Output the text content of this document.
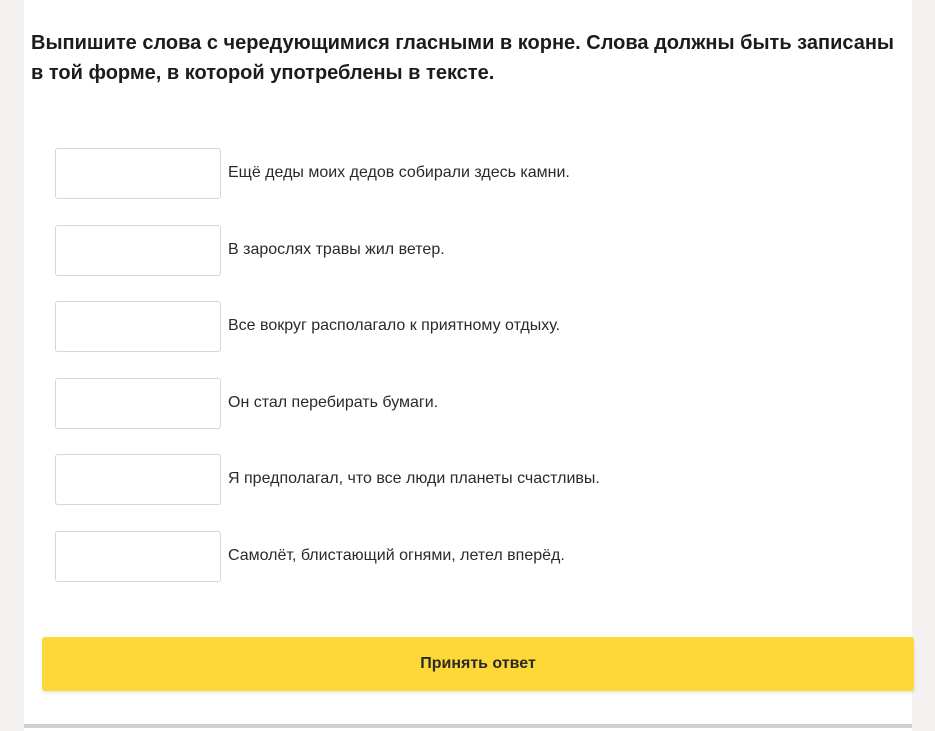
Выпишите слова с чередующимися гласными в корне. Слова должны быть записаны в той форме, в которой употреблены в тексте.

Ещё деды моих дедов собирали здесь камни.
В зарослях травы жил ветер.
Все вокруг располагало к приятному отдыху.
Он стал перебирать бумаги.
Я предполагал, что все люди планеты счастливы.
Самолёт, блистающий огнями, летел вперёд.
Принять ответ
